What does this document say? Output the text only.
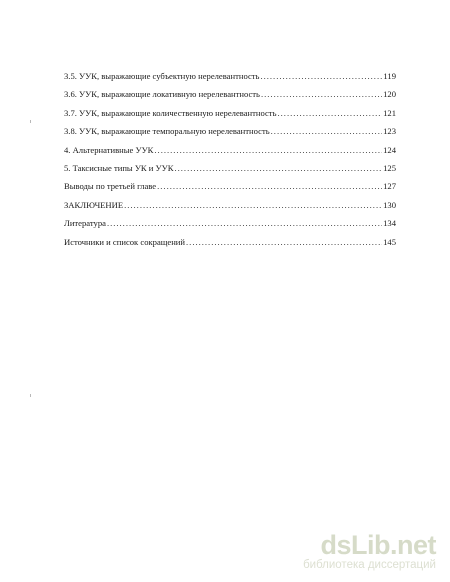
3.5. УУК, выражающие субъектную нерелевантность .....	119
3.6. УУК, выражающие локативную нерелевантность .....	120
3.7. УУК, выражающие количественную нерелевантность .....	121
3.8. УУК, выражающие темпоральную нерелевантность .....	123
4. Альтернативные УУК .....	124
5. Таксисные типы УК и УУК .....	125
Выводы по третьей главе .....	127
ЗАКЛЮЧЕНИЕ .....	130
Литература .....	134
Источники и список сокращений .....	145
dsLib.net
библиотека диссертаций
